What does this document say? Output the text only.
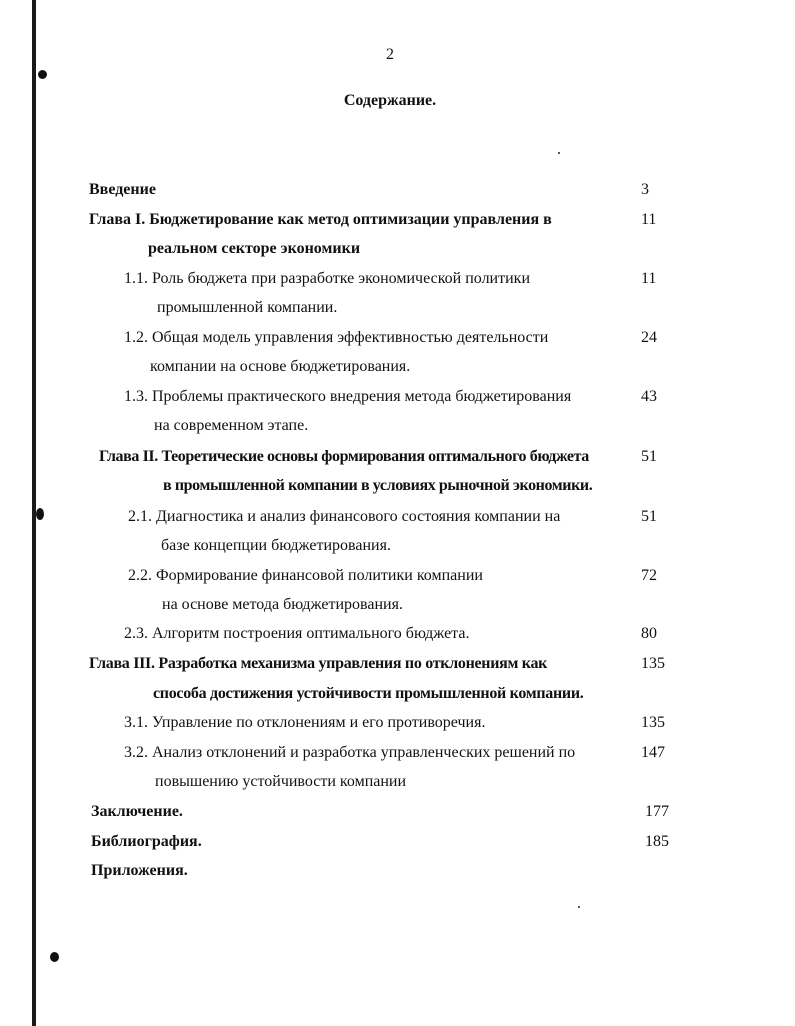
2
Содержание.
Введение	3
Глава I. Бюджетирование как метод оптимизации управления в	11
реальном секторе экономики
1.1. Роль бюджета при разработке экономической политики	11
промышленной компании.
1.2. Общая модель управления эффективностью деятельности	24
компании на основе бюджетирования.
1.3. Проблемы практического внедрения метода бюджетирования	43
на современном этапе.
Глава II. Теоретические основы формирования оптимального бюджета	51
в промышленной компании в условиях рыночной экономики.
2.1. Диагностика и анализ финансового состояния компании на	51
базе концепции бюджетирования.
2.2. Формирование финансовой политики компании	72
на основе метода бюджетирования.
2.3. Алгоритм построения оптимального бюджета.	80
Глава III. Разработка механизма управления по отклонениям как	135
способа достижения устойчивости промышленной компании.
3.1. Управление по отклонениям и его противоречия.	135
3.2. Анализ отклонений и разработка управленческих решений по	147
повышению устойчивости компании
Заключение.	177
Библиография.	185
Приложения.
